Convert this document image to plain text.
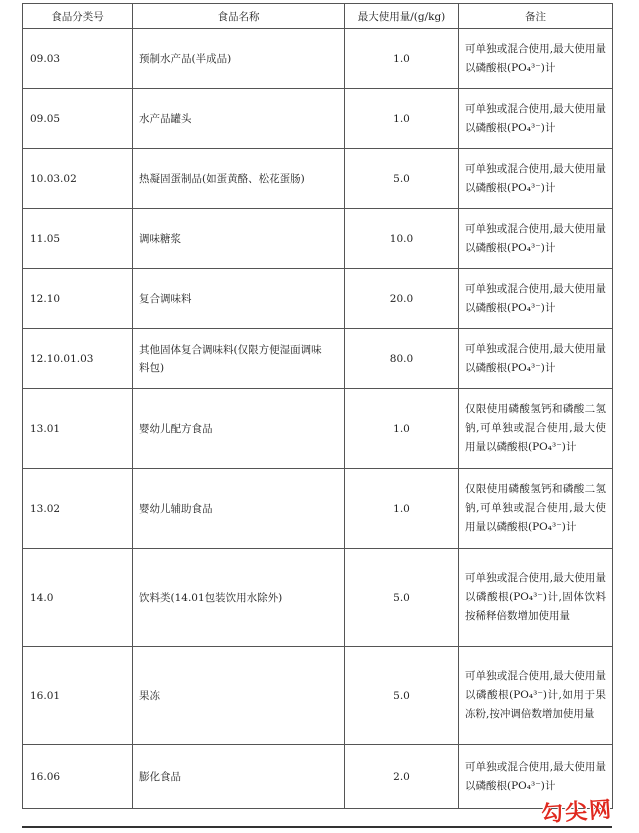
食品分类号	食品名称	最大使用量/(g/kg)	备注
09.03	预制水产品(半成品)	1.0	可单独或混合使用,最大使用量以磷酸根(PO₄³⁻)计
09.05	水产品罐头	1.0	可单独或混合使用,最大使用量以磷酸根(PO₄³⁻)计
10.03.02	热凝固蛋制品(如蛋黄酪、松花蛋肠)	5.0	可单独或混合使用,最大使用量以磷酸根(PO₄³⁻)计
11.05	调味糖浆	10.0	可单独或混合使用,最大使用量以磷酸根(PO₄³⁻)计
12.10	复合调味料	20.0	可单独或混合使用,最大使用量以磷酸根(PO₄³⁻)计
12.10.01.03	其他固体复合调味料(仅限方便湿面调味料包)	80.0	可单独或混合使用,最大使用量以磷酸根(PO₄³⁻)计
13.01	婴幼儿配方食品	1.0	仅限使用磷酸氢钙和磷酸二氢钠,可单独或混合使用,最大使用量以磷酸根(PO₄³⁻)计
13.02	婴幼儿辅助食品	1.0	仅限使用磷酸氢钙和磷酸二氢钠,可单独或混合使用,最大使用量以磷酸根(PO₄³⁻)计
14.0	饮料类(14.01包装饮用水除外)	5.0	可单独或混合使用,最大使用量以磷酸根(PO₄³⁻)计,固体饮料按稀释倍数增加使用量
16.01	果冻	5.0	可单独或混合使用,最大使用量以磷酸根(PO₄³⁻)计,如用于果冻粉,按冲调倍数增加使用量
16.06	膨化食品	2.0	可单独或混合使用,最大使用量以磷酸根(PO₄³⁻)计
勾尖网
